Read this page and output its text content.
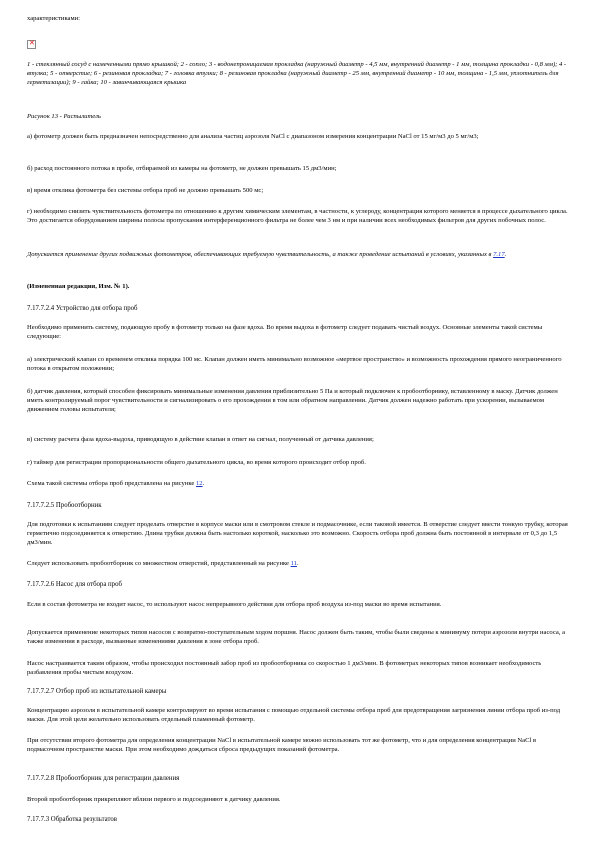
характеристиками:

✕

1 - стеклянный сосуд с намеченными прямо крышкой; 2 - сопло; 3 - водонепроницаемая прокладка (наружный диаметр - 4,5 мм, внутренний диаметр - 1 мм, толщина прокладки - 0,8 мм); 4 - втулка; 5 - отверстие; 6 - резиновая прокладка; 7 - головка втулки; 8 - резиновая прокладка (наружный диаметр - 25 мм, внутренний диаметр - 10 мм, толщина - 1,5 мм, уплотнитель для герметизации); 9 - гайка; 10 - завинчивающаяся крышка

Рисунок 13 - Распылитель

а) фотометр должен быть предназначен непосредственно для анализа частиц аэрозоля NaCl с диапазоном измерения концентрации NaCl от 15 мг/м3 до 5 мг/м3;

б) расход постоянного потока в пробе, отбираемой из камеры на фотометр, не должен превышать 15 дм3/мин;

в) время отклика фотометра без системы отбора проб не должно превышать 500 мс;

г) необходимо снизить чувствительность фотометра по отношению к другим химическим элементам, в частности, к углероду, концентрация которого меняется в процессе дыхательного цикла. Это достигается оборудованием ширины полосы пропускания интерференционного фильтра не более чем 3 нм и при наличии всех необходимых фильтров для других побочных полос.

Допускается применение других подвижных фотометров, обеспечивающих требуемую чувствительность, а также проведение испытаний в условиях, указанных в 7.17.

(Измененная редакция, Изм. № 1).

7.17.7.2.4 Устройство для отбора проб

Необходимо применить систему, подающую пробу в фотометр только на фазе вдоха. Во время выдоха в фотометр следует подавать чистый воздух. Основные элементы такой системы следующие:

а) электрический клапан со временем отклика порядка 100 мс. Клапан должен иметь минимально возможное «мертвое пространство» и возможность прохождения прямого неограниченного потока в открытом положении;

б) датчик давления, который способен фиксировать минимальные изменения давления приблизительно 5 Па и который подключен к пробоотборнику, вставленному в маску. Датчик должен иметь контролируемый порог чувствительности и сигнализировать о его прохождении в том или обратном направлении. Датчик должен надежно работать при ускорении, вызываемом движением головы испытателя;

в) систему расчета фаза вдоха-выдоха, приводящую в действие клапан в ответ на сигнал, полученный от датчика давления;

г) таймер для регистрации пропорциональности общего дыхательного цикла, во время которого происходит отбор проб.

Схема такой системы отбора проб представлена на рисунке 12.

7.17.7.2.5 Пробоотборник

Для подготовки к испытаниям следует проделать отверстие в корпусе маски или в смотровом стекле и подмасочнике, если таковой имеется. В отверстие следует ввести тонкую трубку, которая герметично подсоединяется к отверстию. Длина трубки должна быть настолько короткой, насколько это возможно. Скорость отбора проб должна быть постоянной в интервале от 0,3 до 1,5 дм3/мин.

Следует использовать пробоотборник со множеством отверстий, представленный на рисунке 11.

7.17.7.2.6 Насос для отбора проб

Если в состав фотометра не входит насос, то используют насос непрерывного действия для отбора проб воздуха из-под маски во время испытания.

Допускается применение некоторых типов насосов с возвратно-поступательным ходом поршня. Насос должен быть таким, чтобы были сведены к минимуму потери аэрозоля внутри насоса, а также изменения в расходе, вызванные изменениями давления в зоне отбора проб.

Насос настраивается таким образом, чтобы происходил постоянный забор проб из пробоотборника со скоростью 1 дм3/мин. В фотометрах некоторых типов возникает необходимость разбавления пробы чистым воздухом.

7.17.7.2.7 Отбор проб из испытательной камеры

Концентрацию аэрозоля в испытательной камере контролируют во время испытания с помощью отдельной системы отбора проб для предотвращения загрязнения линии отбора проб из-под маски. Для этой цели желательно использовать отдельный пламенный фотометр.

При отсутствии второго фотометра для определения концентрации NaCl в испытательной камере можно использовать тот же фотометр, что и для определения концентрации NaCl в подмасочном пространстве маски. При этом необходимо дождаться сброса предыдущих показаний фотометра.

7.17.7.2.8 Пробоотборник для регистрации давления

Второй пробоотборник прикрепляют вблизи первого и подсоединяют к датчику давления.

7.17.7.3 Обработка результатов
